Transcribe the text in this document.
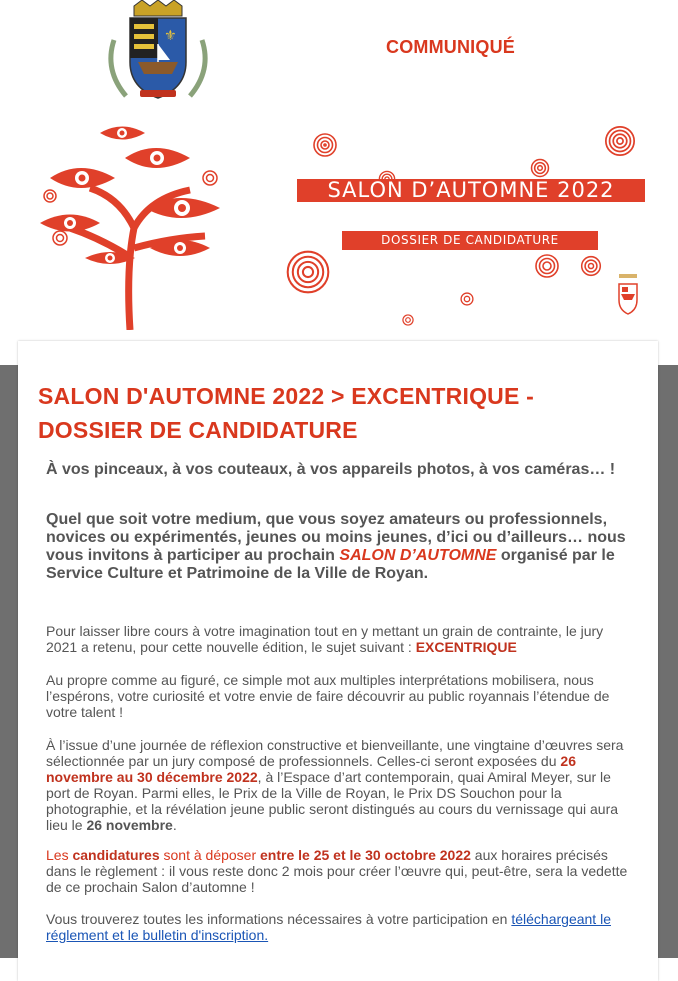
⚜
COMMUNIQUÉ
SALON D’AUTOMNE 2022
DOSSIER DE CANDIDATURE
SALON D'AUTOMNE 2022 > EXCENTRIQUE -
DOSSIER DE CANDIDATURE
À vos pinceaux, à vos couteaux, à vos appareils photos, à vos caméras… !
Quel que soit votre medium, que vous soyez amateurs ou professionnels, novices ou expérimentés, jeunes ou moins jeunes, d’ici ou d’ailleurs… nous vous invitons à participer au prochain SALON D’AUTOMNE organisé par le Service Culture et Patrimoine de la Ville de Royan.
Pour laisser libre cours à votre imagination tout en y mettant un grain de contrainte, le jury 2021 a retenu, pour cette nouvelle édition, le sujet suivant : EXCENTRIQUE
Au propre comme au figuré, ce simple mot aux multiples interprétations mobilisera, nous l’espérons, votre curiosité et votre envie de faire découvrir au public royannais l’étendue de votre talent !
À l’issue d’une journée de réflexion constructive et bienveillante, une vingtaine d’œuvres sera sélectionnée par un jury composé de professionnels. Celles-ci seront exposées du 26 novembre au 30 décembre 2022, à l’Espace d’art contemporain, quai Amiral Meyer, sur le port de Royan. Parmi elles, le Prix de la Ville de Royan, le Prix DS Souchon pour la photographie, et la révélation jeune public seront distingués au cours du vernissage qui aura lieu le 26 novembre.
Les candidatures sont à déposer entre le 25 et le 30 octobre 2022 aux horaires précisés dans le règlement : il vous reste donc 2 mois pour créer l’œuvre qui, peut-être, sera la vedette de ce prochain Salon d’automne !
Vous trouverez toutes les informations nécessaires à votre participation en téléchargeant le réglement et le bulletin d'inscription.
